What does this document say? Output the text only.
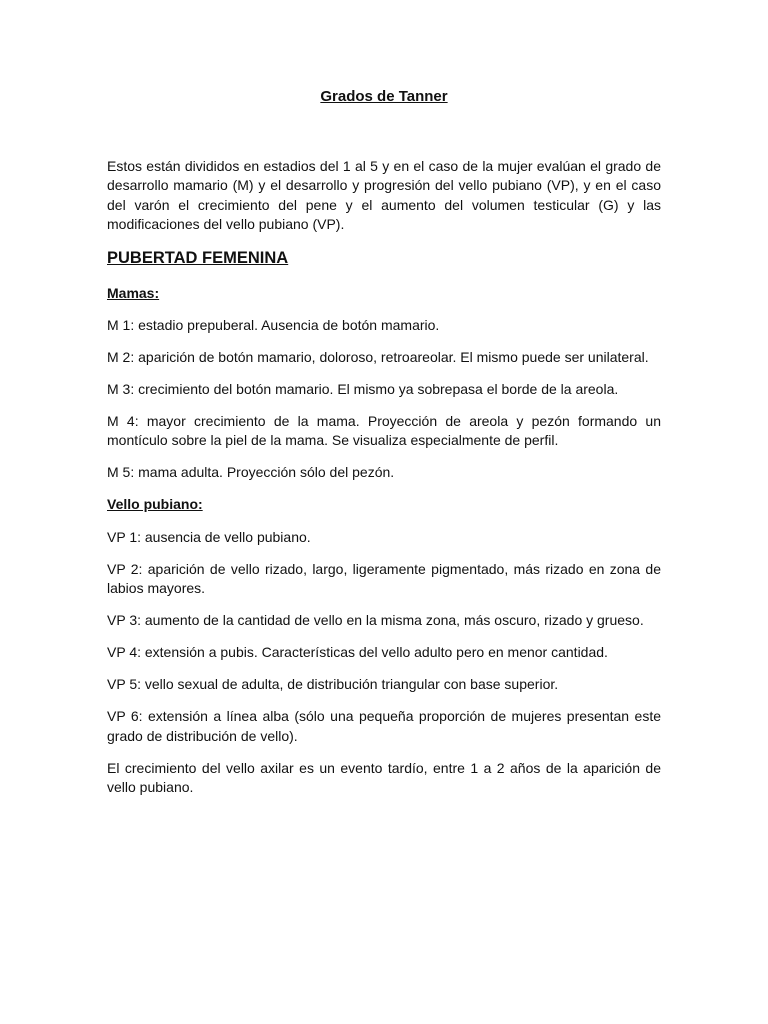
Grados de Tanner

Estos están divididos en estadios del 1 al 5 y en el caso de la mujer evalúan el grado de desarrollo mamario (M) y el desarrollo y progresión del vello pubiano (VP), y en el caso del varón el crecimiento del pene y el aumento del volumen testicular (G) y las modificaciones del vello pubiano (VP).

PUBERTAD FEMENINA
Mamas:

M 1: estadio prepuberal. Ausencia de botón mamario.

M 2: aparición de botón mamario, doloroso, retroareolar. El mismo puede ser unilateral.

M 3: crecimiento del botón mamario. El mismo ya sobrepasa el borde de la areola.

M 4: mayor crecimiento de la mama. Proyección de areola y pezón formando un montículo sobre la piel de la mama. Se visualiza especialmente de perfil.

M 5: mama adulta. Proyección sólo del pezón.

Vello pubiano:

VP 1: ausencia de vello pubiano.

VP 2: aparición de vello rizado, largo, ligeramente pigmentado, más rizado en zona de labios mayores.

VP 3: aumento de la cantidad de vello en la misma zona, más oscuro, rizado y grueso.

VP 4: extensión a pubis. Características del vello adulto pero en menor cantidad.

VP 5: vello sexual de adulta, de distribución triangular con base superior.

VP 6: extensión a línea alba (sólo una pequeña proporción de mujeres presentan este grado de distribución de vello).

El crecimiento del vello axilar es un evento tardío, entre 1 a 2 años de la aparición de vello pubiano.
